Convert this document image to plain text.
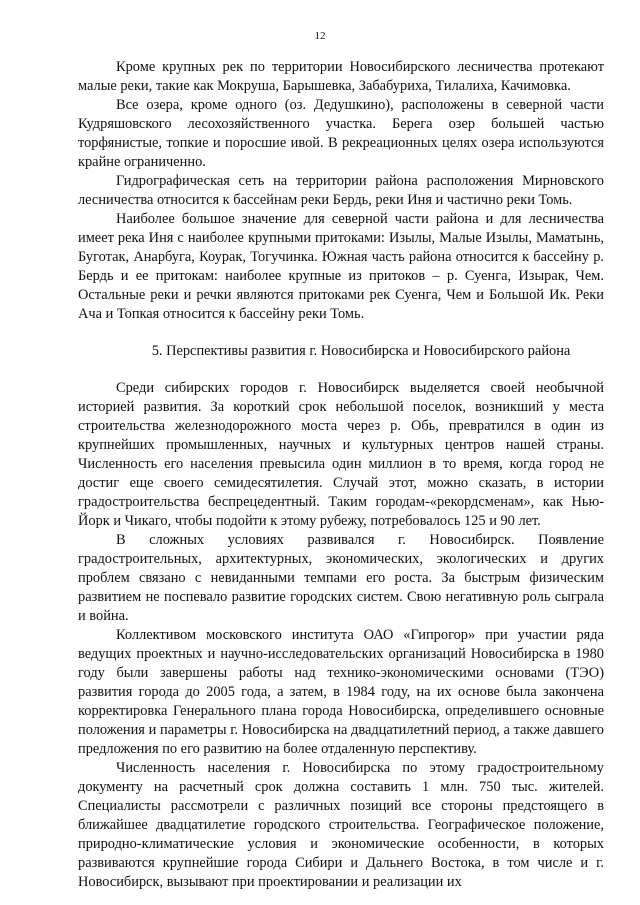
12

Кроме крупных рек по территории Новосибирского лесничества протекают малые реки, такие как Мокруша, Барышевка, Забабуриха, Тилалиха, Качимовка.

Все озера, кроме одного (оз. Дедушкино), расположены в северной части Кудряшовского лесохозяйственного участка. Берега озер большей частью торфянистые, топкие и поросшие ивой. В рекреационных целях озера используются крайне ограниченно.

Гидрографическая сеть на территории района расположения Мирновского лесничества относится к бассейнам реки Бердь, реки Иня и частично реки Томь.

Наиболее большое значение для северной части района и для лесничества имеет река Иня с наиболее крупными притоками: Изылы, Малые Изылы, Маматынь, Буготак, Анарбуга, Коурак, Тогучинка. Южная часть района относится к бассейну р. Бердь и ее притокам: наиболее крупные из притоков – р. Суенга, Изырак, Чем. Остальные реки и речки являются притоками рек Суенга, Чем и Большой Ик. Реки Ача и Топкая относится к бассейну реки Томь.

5. Перспективы развития г. Новосибирска и Новосибирского района

Среди сибирских городов г. Новосибирск выделяется своей необычной историей развития. За короткий срок небольшой поселок, возникший у места строительства железнодорожного моста через р. Обь, превратился в один из крупнейших промышленных, научных и культурных центров нашей страны. Численность его населения превысила один миллион в то время, когда город не достиг еще своего семидесятилетия. Случай этот, можно сказать, в истории градостроительства беспрецедентный. Таким городам-«рекордсменам», как Нью-Йорк и Чикаго, чтобы подойти к этому рубежу, потребовалось 125 и 90 лет.

В сложных условиях развивался г. Новосибирск. Появление градостроительных, архитектурных, экономических, экологических и других проблем связано с невиданными темпами его роста. За быстрым физическим развитием не поспевало развитие городских систем. Свою негативную роль сыграла и война.

Коллективом московского института ОАО «Гипрогор» при участии ряда ведущих проектных и научно-исследовательских организаций Новосибирска в 1980 году были завершены работы над технико-экономическими основами (ТЭО) развития города до 2005 года, а затем, в 1984 году, на их основе была закончена корректировка Генерального плана города Новосибирска, определившего основные положения и параметры г. Новосибирска на двадцатилетний период, а также давшего предложения по его развитию на более отдаленную перспективу.

Численность населения г. Новосибирска по этому градостроительному документу на расчетный срок должна составить 1 млн. 750 тыс. жителей. Специалисты рассмотрели с различных позиций все стороны предстоящего в ближайшее двадцатилетие городского строительства. Географическое положение, природно-климатические условия и экономические особенности, в которых развиваются крупнейшие города Сибири и Дальнего Востока, в том числе и г. Новосибирск, вызывают при проектировании и реализации их
